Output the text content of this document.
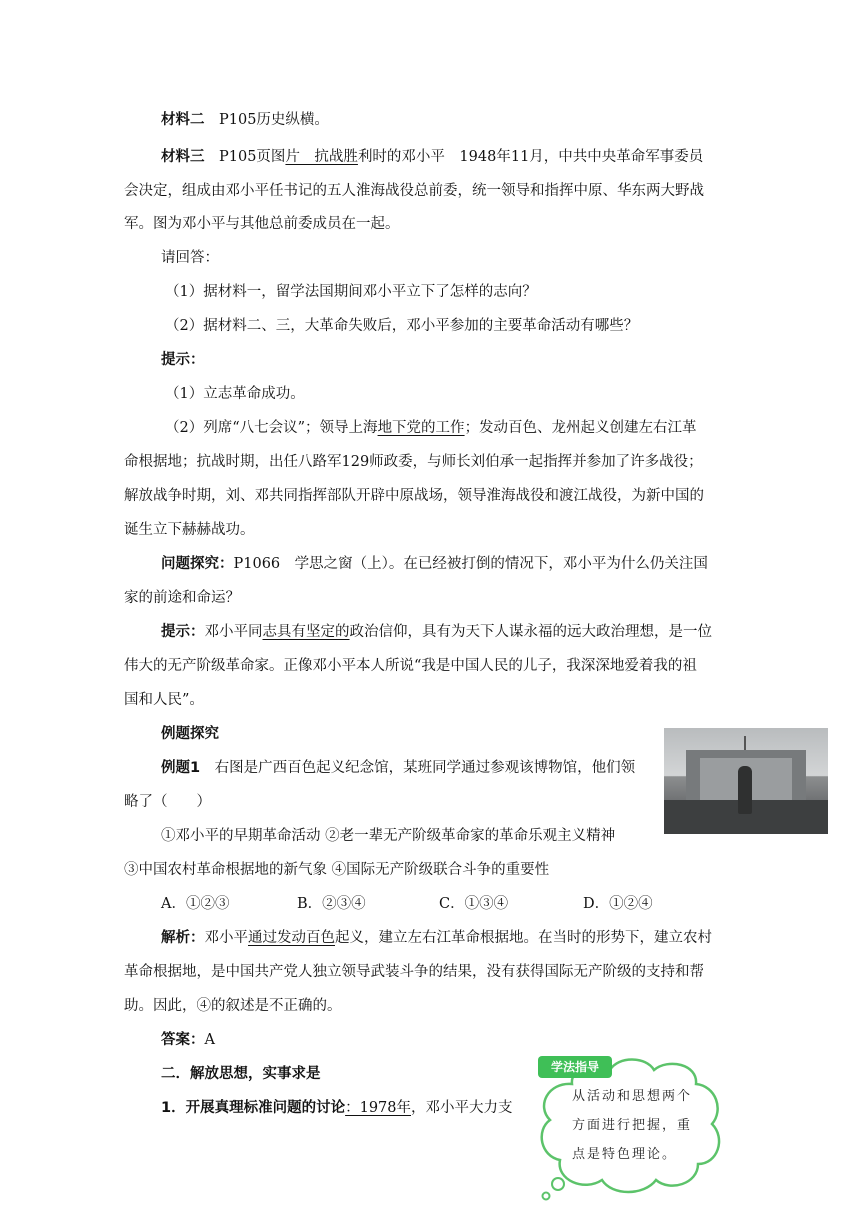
材料二　P105历史纵横。
材料三　P105页图片　抗战胜利时的邓小平　1948年11月，中共中央革命军事委员
会决定，组成由邓小平任书记的五人淮海战役总前委，统一领导和指挥中原、华东两大野战
军。图为邓小平与其他总前委成员在一起。
请回答：
（1）据材料一，留学法国期间邓小平立下了怎样的志向？
（2）据材料二、三，大革命失败后，邓小平参加的主要革命活动有哪些？
提示：
（1）立志革命成功。
（2）列席“八七会议”；领导上海地下党的工作；发动百色、龙州起义创建左右江革
命根据地；抗战时期，出任八路军129师政委，与师长刘伯承一起指挥并参加了许多战役；
解放战争时期，刘、邓共同指挥部队开辟中原战场，领导淮海战役和渡江战役，为新中国的
诞生立下赫赫战功。
问题探究：P1066　学思之窗（上）。在已经被打倒的情况下，邓小平为什么仍关注国
家的前途和命运？
提示：邓小平同志具有坚定的政治信仰，具有为天下人谋永福的远大政治理想，是一位
伟大的无产阶级革命家。正像邓小平本人所说“我是中国人民的儿子，我深深地爱着我的祖
国和人民”。
例题探究
例题1　右图是广西百色起义纪念馆，某班同学通过参观该博物馆，他们领
略了（　　）
①邓小平的早期革命活动 ②老一辈无产阶级革命家的革命乐观主义精神
③中国农村革命根据地的新气象 ④国际无产阶级联合斗争的重要性
A．①②③	B．②③④	C．①③④	D．①②④
解析：邓小平通过发动百色起义，建立左右江革命根据地。在当时的形势下，建立农村
革命根据地，是中国共产党人独立领导武装斗争的结果，没有获得国际无产阶级的支持和帮
助。因此，④的叙述是不正确的。
答案：A
二．解放思想，实事求是
1．开展真理标准问题的讨论：1978年，邓小平大力支
学法指导
从活动和思想两个
方面进行把握，重
点是特色理论。
